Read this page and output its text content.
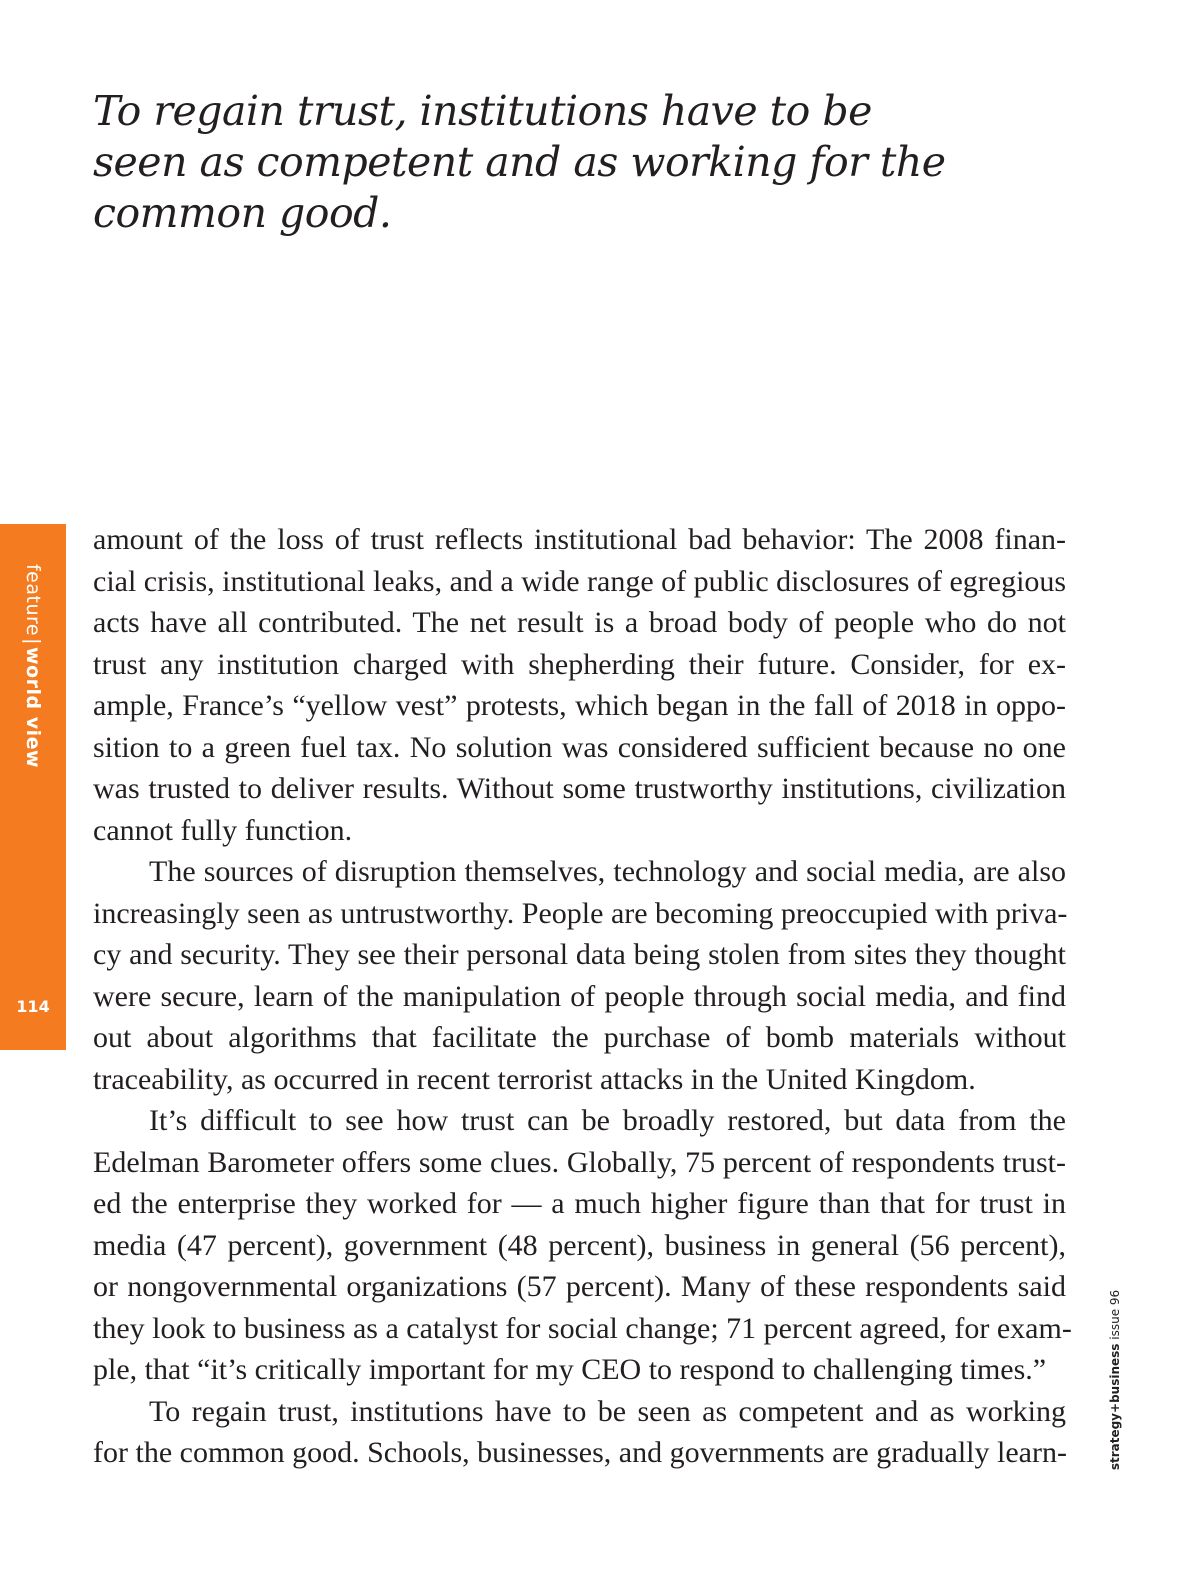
To regain trust, institutions have to be
seen as competent and as working for the
common good.
feature|world view
114
amount of the loss of trust reflects institutional bad behavior: The 2008 finan-
cial crisis, institutional leaks, and a wide range of public disclosures of egregious
acts have all contributed. The net result is a broad body of people who do not
trust any institution charged with shepherding their future. Consider, for ex-
ample, France’s “yellow vest” protests, which began in the fall of 2018 in oppo-
sition to a green fuel tax. No solution was considered sufficient because no one
was trusted to deliver results. Without some trustworthy institutions, civilization
cannot fully function.
The sources of disruption themselves, technology and social media, are also
increasingly seen as untrustworthy. People are becoming preoccupied with priva-
cy and security. They see their personal data being stolen from sites they thought
were secure, learn of the manipulation of people through social media, and find
out about algorithms that facilitate the purchase of bomb materials without
traceability, as occurred in recent terrorist attacks in the United Kingdom.
It’s difficult to see how trust can be broadly restored, but data from the
Edelman Barometer offers some clues. Globally, 75 percent of respondents trust-
ed the enterprise they worked for — a much higher figure than that for trust in
media (47 percent), government (48 percent), business in general (56 percent),
or nongovernmental organizations (57 percent). Many of these respondents said
they look to business as a catalyst for social change; 71 percent agreed, for exam-
ple, that “it’s critically important for my CEO to respond to challenging times.”
To regain trust, institutions have to be seen as competent and as working
for the common good. Schools, businesses, and governments are gradually learn-	strategy+business issue 96
